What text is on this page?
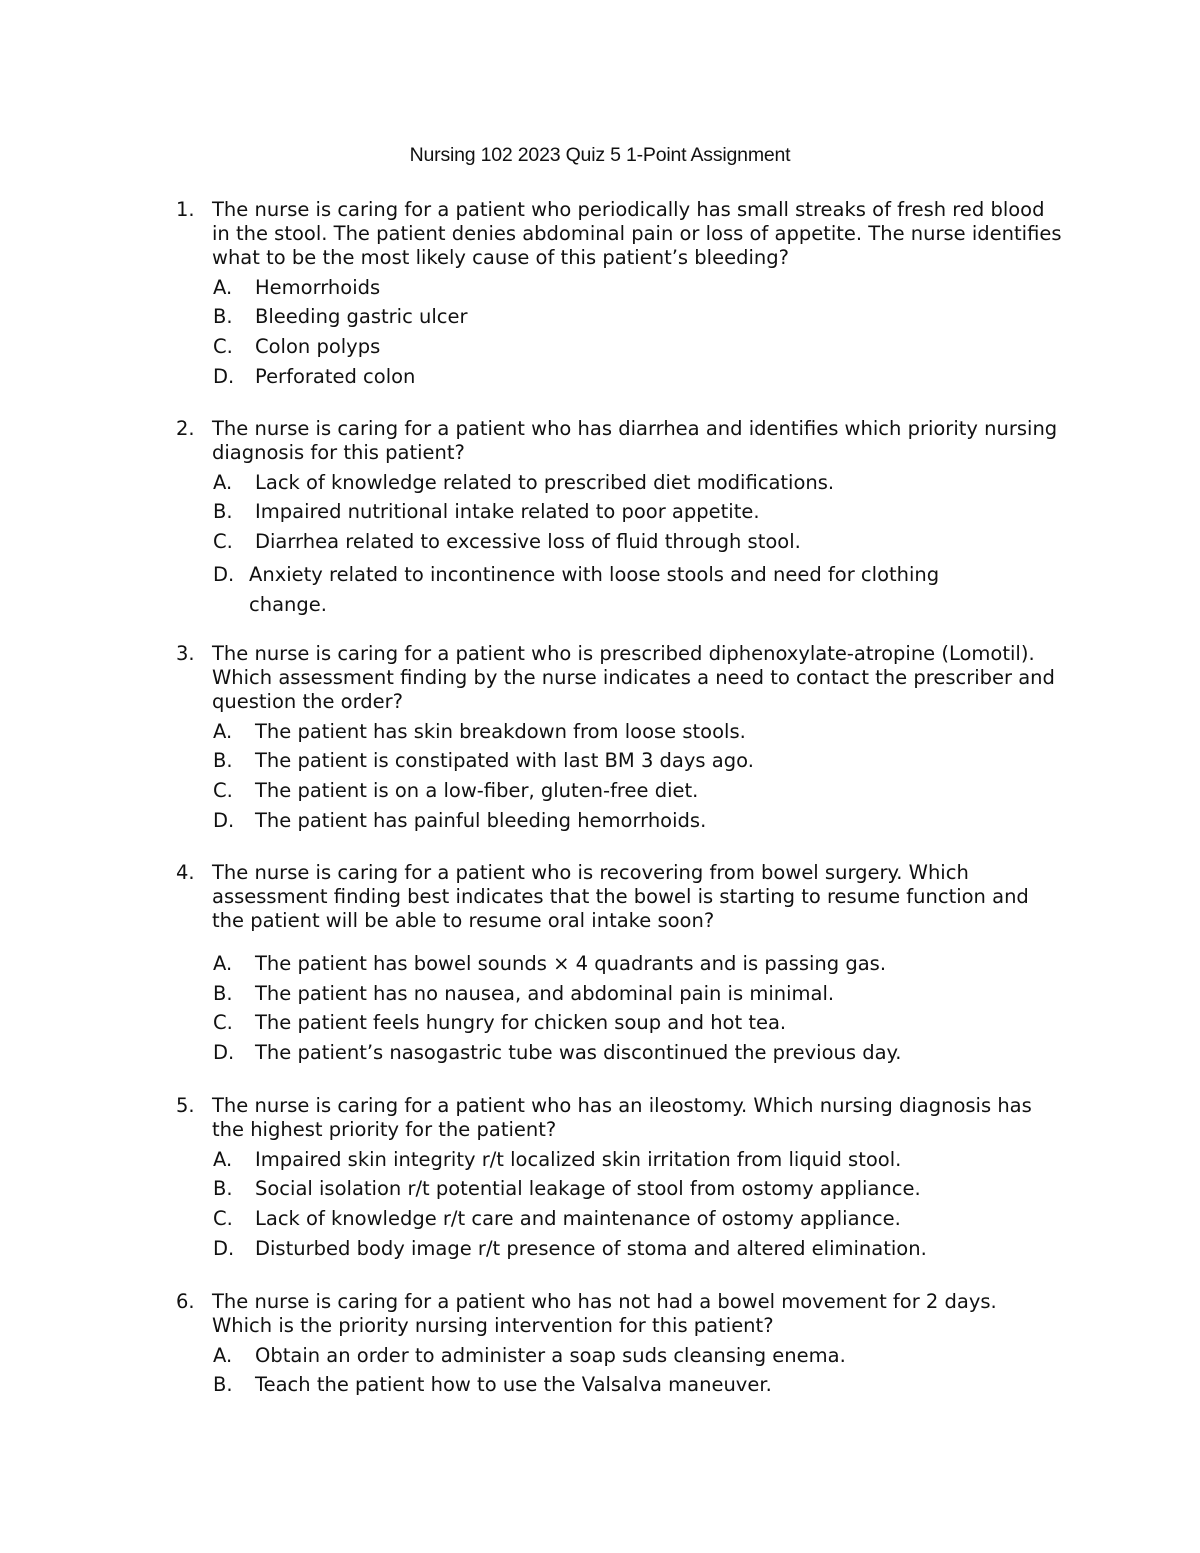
Nursing 102 2023 Quiz 5 1-Point Assignment
1. The nurse is caring for a patient who periodically has small streaks of fresh red blood in the stool. The patient denies abdominal pain or loss of appetite. The nurse identifies what to be the most likely cause of this patient’s bleeding?
A. Hemorrhoids
B. Bleeding gastric ulcer
C. Colon polyps
D. Perforated colon
2. The nurse is caring for a patient who has diarrhea and identifies which priority nursing diagnosis for this patient?
A. Lack of knowledge related to prescribed diet modifications.
B. Impaired nutritional intake related to poor appetite.
C. Diarrhea related to excessive loss of fluid through stool.
D. Anxiety related to incontinence with loose stools and need for clothing change.
3. The nurse is caring for a patient who is prescribed diphenoxylate-atropine (Lomotil). Which assessment finding by the nurse indicates a need to contact the prescriber and question the order?
A. The patient has skin breakdown from loose stools.
B. The patient is constipated with last BM 3 days ago.
C. The patient is on a low-fiber, gluten-free diet.
D. The patient has painful bleeding hemorrhoids.
4. The nurse is caring for a patient who is recovering from bowel surgery. Which assessment finding best indicates that the bowel is starting to resume function and the patient will be able to resume oral intake soon?
A. The patient has bowel sounds × 4 quadrants and is passing gas.
B. The patient has no nausea, and abdominal pain is minimal.
C. The patient feels hungry for chicken soup and hot tea.
D. The patient’s nasogastric tube was discontinued the previous day.
5. The nurse is caring for a patient who has an ileostomy. Which nursing diagnosis has the highest priority for the patient?
A. Impaired skin integrity r/t localized skin irritation from liquid stool.
B. Social isolation r/t potential leakage of stool from ostomy appliance.
C. Lack of knowledge r/t care and maintenance of ostomy appliance.
D. Disturbed body image r/t presence of stoma and altered elimination.
6. The nurse is caring for a patient who has not had a bowel movement for 2 days. Which is the priority nursing intervention for this patient?
A. Obtain an order to administer a soap suds cleansing enema.
B. Teach the patient how to use the Valsalva maneuver.
